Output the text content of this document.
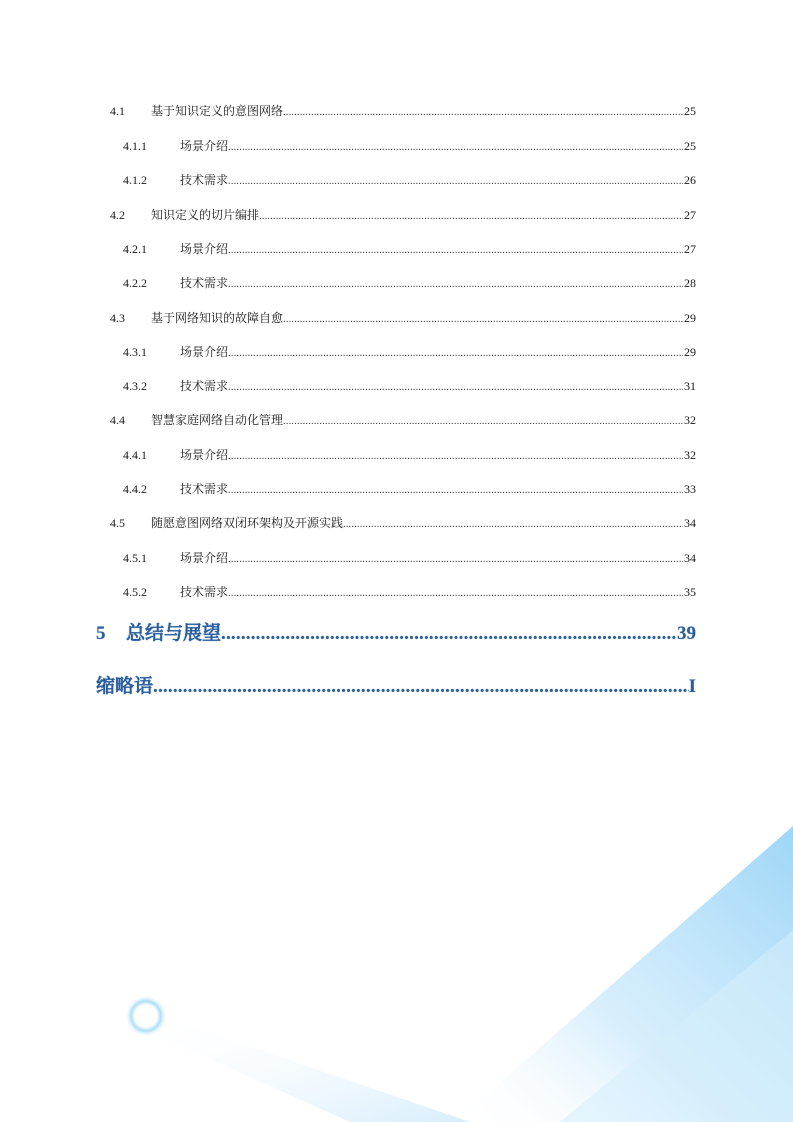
4.1	基于知识定义的意图网络 .....	25
4.1.1	场景介绍 .....	25
4.1.2	技术需求 .....	26
4.2	知识定义的切片编排 .....	27
4.2.1	场景介绍 .....	27
4.2.2	技术需求 .....	28
4.3	基于网络知识的故障自愈 .....	29
4.3.1	场景介绍 .....	29
4.3.2	技术需求 .....	31
4.4	智慧家庭网络自动化管理 .....	32
4.4.1	场景介绍 .....	32
4.4.2	技术需求 .....	33
4.5	随愿意图网络双闭环架构及开源实践 .....	34
4.5.1	场景介绍 .....	34
4.5.2	技术需求 .....	35
5	总结与展望 .....	39
缩略语 .....	I
